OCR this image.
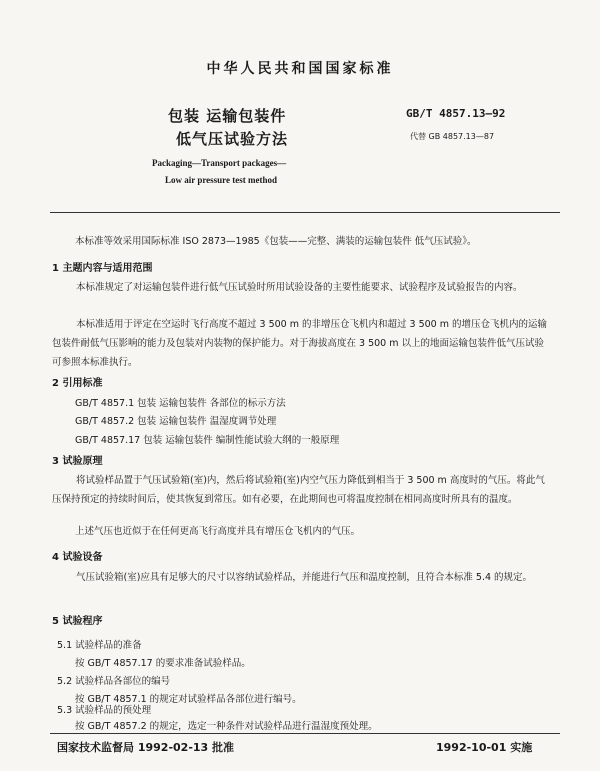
中华人民共和国国家标准
包装 运输包装件
低气压试验方法
GB/T 4857.13—92
代替 GB 4857.13—87
Packaging—Transport packages—
Low air pressure test method
本标准等效采用国际标准 ISO 2873—1985《包装——完整、满装的运输包装件 低气压试验》。
1 主题内容与适用范围
本标准规定了对运输包装件进行低气压试验时所用试验设备的主要性能要求、试验程序及试验报告的内容。
本标准适用于评定在空运时飞行高度不超过 3 500 m 的非增压仓飞机内和超过 3 500 m 的增压仓飞机内的运输包装件耐低气压影响的能力及包装对内装物的保护能力。对于海拔高度在 3 500 m 以上的地面运输包装件低气压试验可参照本标准执行。
2 引用标准
GB/T 4857.1 包装 运输包装件 各部位的标示方法
GB/T 4857.2 包装 运输包装件 温湿度调节处理
GB/T 4857.17 包装 运输包装件 编制性能试验大纲的一般原理
3 试验原理
将试验样品置于气压试验箱(室)内，然后将试验箱(室)内空气压力降低到相当于 3 500 m 高度时的气压。将此气压保持预定的持续时间后，使其恢复到常压。如有必要，在此期间也可将温度控制在相同高度时所具有的温度。
上述气压也近似于在任何更高飞行高度并具有增压仓飞机内的气压。
4 试验设备
气压试验箱(室)应具有足够大的尺寸以容纳试验样品，并能进行气压和温度控制，且符合本标准 5.4 的规定。
5 试验程序
5.1 试验样品的准备
按 GB/T 4857.17 的要求准备试验样品。
5.2 试验样品各部位的编号
按 GB/T 4857.1 的规定对试验样品各部位进行编号。
5.3 试验样品的预处理
按 GB/T 4857.2 的规定，选定一种条件对试验样品进行温湿度预处理。
国家技术监督局 1992-02-13 批准	1992-10-01 实施
